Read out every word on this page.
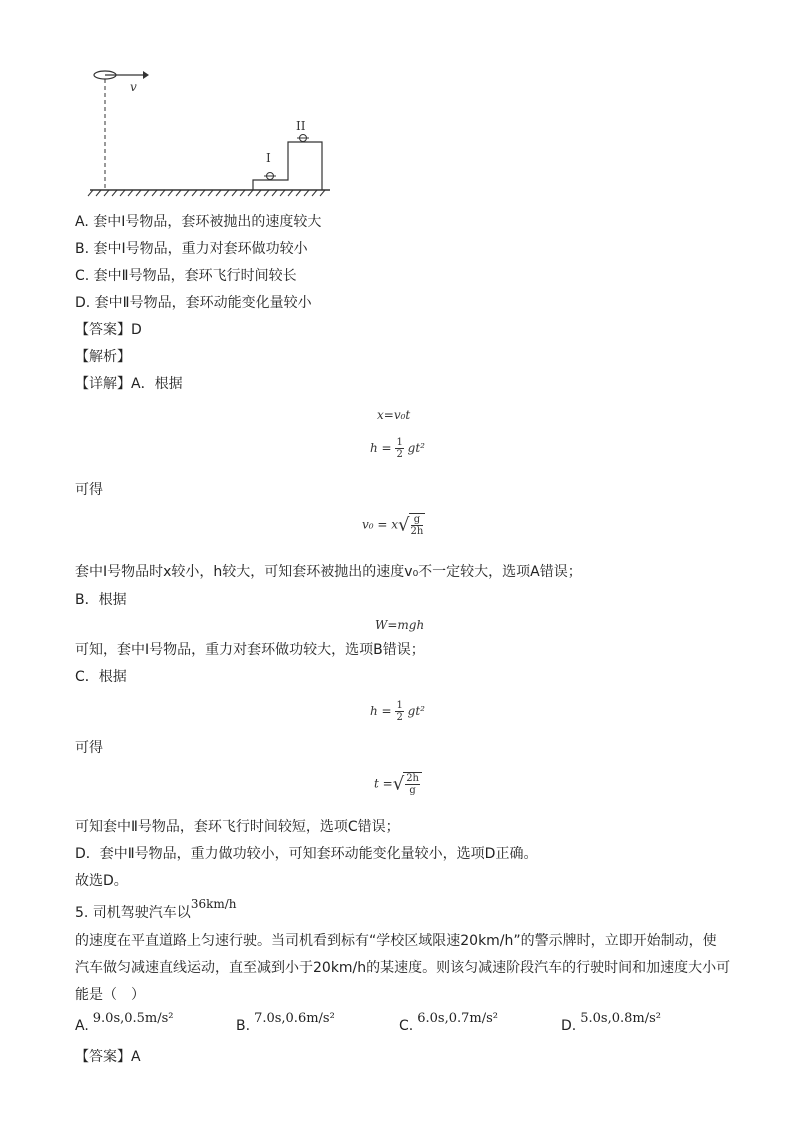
v
I
II
A. 套中Ⅰ号物品，套环被抛出的速度较大
B. 套中Ⅰ号物品，重力对套环做功较小
C. 套中Ⅱ号物品，套环飞行时间较长
D. 套中Ⅱ号物品，套环动能变化量较小
【答案】D
【解析】
【详解】A．根据
x=v₀t
$h = \frac{1}{2} gt^2$
可得
$v_0 = x√ \frac{g}{2h}$
套中Ⅰ号物品时x较小，h较大，可知套环被抛出的速度v₀不一定较大，选项A错误；
B．根据
W=mgh
可知，套中Ⅰ号物品，重力对套环做功较大，选项B错误；
C．根据
$h = \frac{1}{2} gt^2$
可得
t =√ $\frac{2h}{g}$
可知套中Ⅱ号物品，套环飞行时间较短，选项C错误；
D．套中Ⅱ号物品，重力做功较小，可知套环动能变化量较小，选项D正确。
故选D。
5. 司机驾驶汽车以36km/h
的速度在平直道路上匀速行驶。当司机看到标有“学校区域限速20km/h”的警示牌时，立即开始制动，使
汽车做匀减速直线运动，直至减到小于20km/h的某速度。则该匀减速阶段汽车的行驶时间和加速度大小可
能是（　）
A. 9.0s,0.5m/s²	B. 7.0s,0.6m/s²	C. 6.0s,0.7m/s²	D. 5.0s,0.8m/s²
【答案】A
